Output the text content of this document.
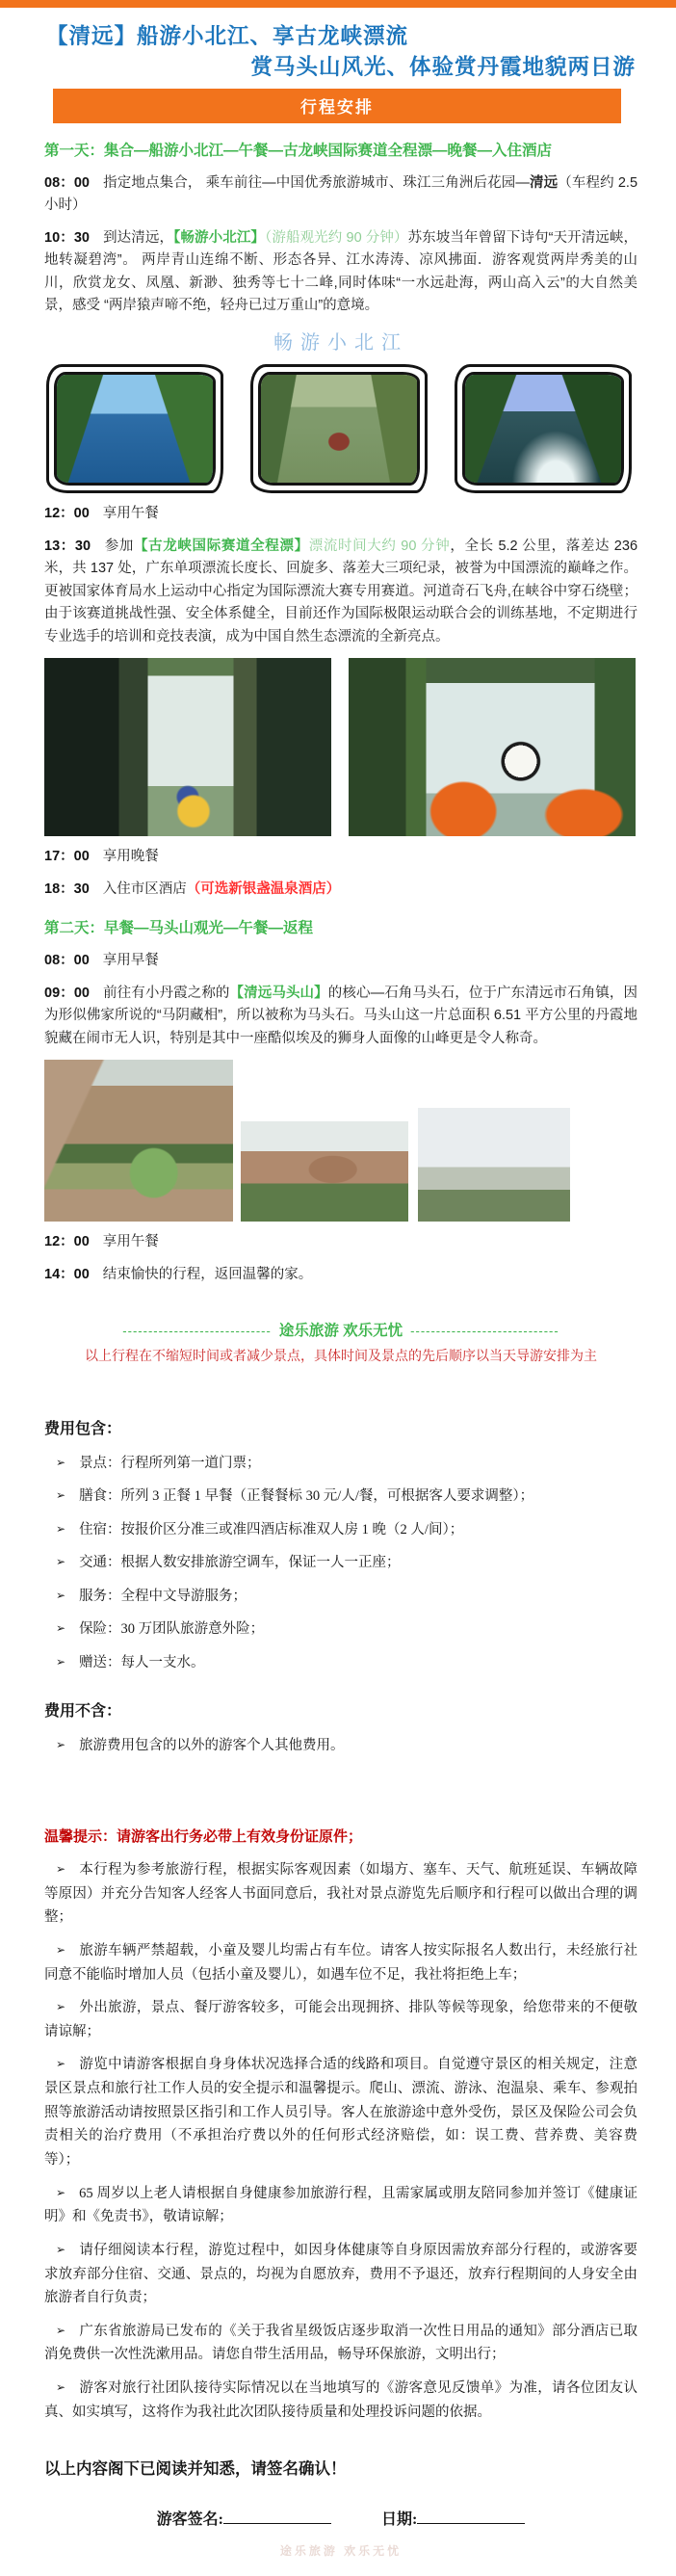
【清远】船游小北江、享古龙峡漂流
赏马头山风光、体验赏丹霞地貌两日游
行程安排
第一天：集合—船游小北江—午餐—古龙峡国际赛道全程漂—晚餐—入住酒店

08：00 指定地点集合， 乘车前往—中国优秀旅游城市、珠江三角洲后花园—清远（车程约 2.5 小时）

10：30 到达清远，【畅游小北江】（游船观光约 90 分钟）苏东坡当年曾留下诗句“天开清远峡，地转凝碧湾”。 两岸青山连绵不断、形态各异、江水涛涛、凉风拂面．游客观赏两岸秀美的山川，欣赏龙女、凤凰、新渺、独秀等七十二峰,同时体味“一水远赴海，两山高入云”的大自然美景，感受 “两岸猿声啼不绝，轻舟已过万重山”的意境。

畅游小北江

12：00 享用午餐

13：30 参加【古龙峡国际赛道全程漂】漂流时间大约 90 分钟，全长 5.2 公里，落差达 236 米，共 137 处，广东单项漂流长度长、回旋多、落差大三项纪录，被誉为中国漂流的巅峰之作。更被国家体育局水上运动中心指定为国际漂流大赛专用赛道。河道奇石飞舟,在峡谷中穿石绕壁；由于该赛道挑战性强、安全体系健全，目前还作为国际极限运动联合会的训练基地，不定期进行专业选手的培训和竞技表演，成为中国自然生态漂流的全新亮点。

17：00 享用晚餐

18：30 入住市区酒店（可选新银盏温泉酒店）

第二天：早餐—马头山观光—午餐—返程

08：00 享用早餐

09：00 前往有小丹霞之称的【清远马头山】的核心—石角马头石，位于广东清远市石角镇，因为形似佛家所说的“马阴藏相”，所以被称为马头石。马头山这一片总面积 6.51 平方公里的丹霞地貌藏在闹市无人识，特别是其中一座酷似埃及的狮身人面像的山峰更是令人称奇。

12：00 享用午餐

14：00 结束愉快的行程，返回温馨的家。

----------------------------- 途乐旅游 欢乐无忧 -----------------------------
以上行程在不缩短时间或者减少景点，具体时间及景点的先后顺序以当天导游安排为主
费用包含：
➢ 景点：行程所列第一道门票；
➢ 膳食：所列 3 正餐 1 早餐（正餐餐标 30 元/人/餐，可根据客人要求调整）；
➢ 住宿：按报价区分准三或准四酒店标准双人房 1 晚（2 人/间）；
➢ 交通：根据人数安排旅游空调车，保证一人一正座；
➢ 服务：全程中文导游服务；
➢ 保险：30 万团队旅游意外险；
➢ 赠送：每人一支水。
费用不含：
➢ 旅游费用包含的以外的游客个人其他费用。
温馨提示：请游客出行务必带上有效身份证原件；
➢ 本行程为参考旅游行程，根据实际客观因素（如塌方、塞车、天气、航班延误、车辆故障等原因）并充分告知客人经客人书面同意后，我社对景点游览先后顺序和行程可以做出合理的调整；
➢ 旅游车辆严禁超载，小童及婴儿均需占有车位。请客人按实际报名人数出行，未经旅行社同意不能临时增加人员（包括小童及婴儿），如遇车位不足，我社将拒绝上车；
➢ 外出旅游，景点、餐厅游客较多，可能会出现拥挤、排队等候等现象，给您带来的不便敬请谅解；
➢ 游览中请游客根据自身身体状况选择合适的线路和项目。自觉遵守景区的相关规定，注意景区景点和旅行社工作人员的安全提示和温馨提示。爬山、漂流、游泳、泡温泉、乘车、参观拍照等旅游活动请按照景区指引和工作人员引导。客人在旅游途中意外受伤，景区及保险公司会负责相关的治疗费用（不承担治疗费以外的任何形式经济赔偿，如：误工费、营养费、美容费等）；
➢ 65 周岁以上老人请根据自身健康参加旅游行程，且需家属或朋友陪同参加并签订《健康证明》和《免责书》，敬请谅解；
➢ 请仔细阅读本行程，游览过程中，如因身体健康等自身原因需放弃部分行程的，或游客要求放弃部分住宿、交通、景点的，均视为自愿放弃，费用不予退还，放弃行程期间的人身安全由旅游者自行负责；
➢ 广东省旅游局已发布的《关于我省星级饭店逐步取消一次性日用品的通知》部分酒店已取消免费供一次性洗漱用品。请您自带生活用品，畅导环保旅游，文明出行；
➢ 游客对旅行社团队接待实际情况以在当地填写的《游客意见反馈单》为准，请各位团友认真、如实填写，这将作为我社此次团队接待质量和处理投诉问题的依据。
以上内容阁下已阅读并知悉，请签名确认！
游客签名:	日期:
途乐旅游 欢乐无忧
